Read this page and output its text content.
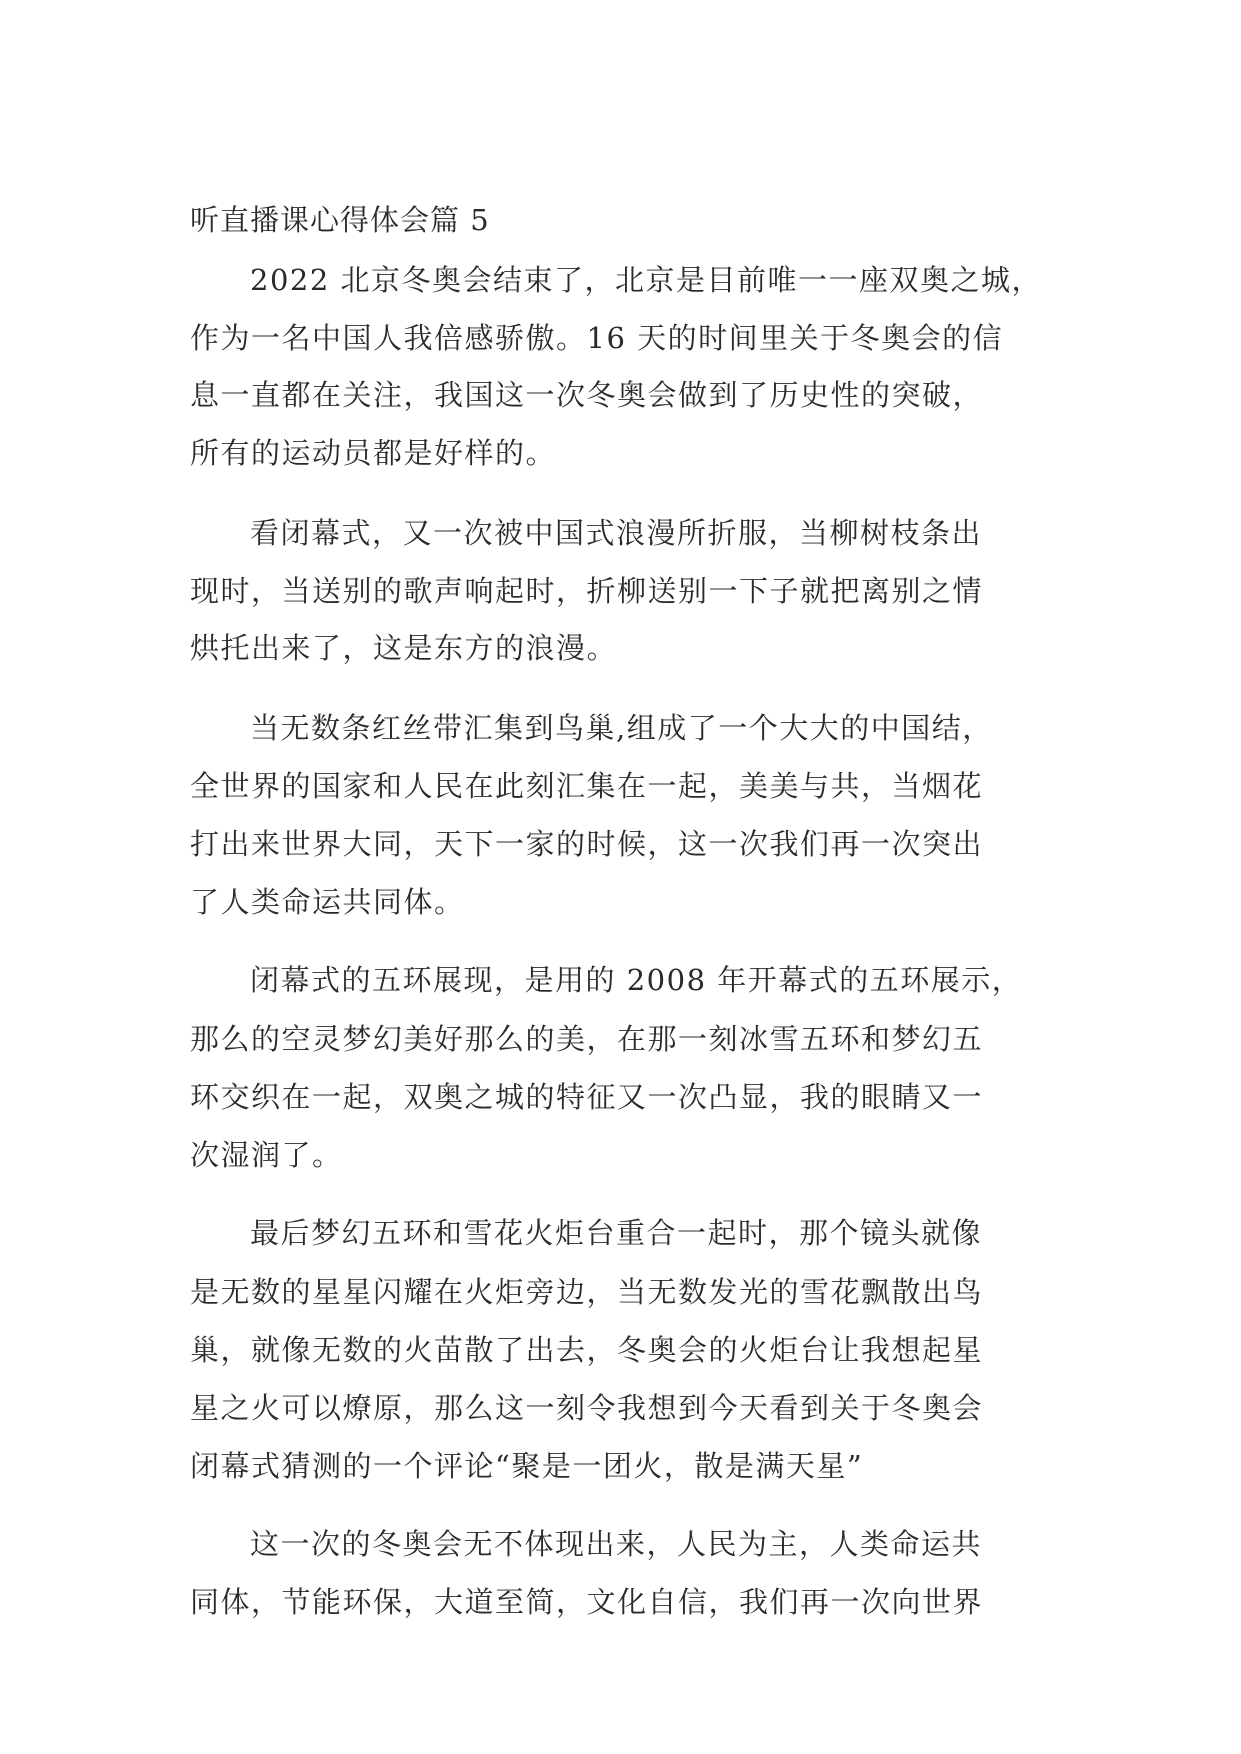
听直播课心得体会篇 5

2022 北京冬奥会结束了，北京是目前唯一一座双奥之城，

作为一名中国人我倍感骄傲。16 天的时间里关于冬奥会的信

息一直都在关注，我国这一次冬奥会做到了历史性的突破，

所有的运动员都是好样的。

看闭幕式，又一次被中国式浪漫所折服，当柳树枝条出

现时，当送别的歌声响起时，折柳送别一下子就把离别之情

烘托出来了，这是东方的浪漫。

当无数条红丝带汇集到鸟巢,组成了一个大大的中国结，

全世界的国家和人民在此刻汇集在一起，美美与共，当烟花

打出来世界大同，天下一家的时候，这一次我们再一次突出

了人类命运共同体。

闭幕式的五环展现，是用的 2008 年开幕式的五环展示，

那么的空灵梦幻美好那么的美，在那一刻冰雪五环和梦幻五

环交织在一起，双奥之城的特征又一次凸显，我的眼睛又一

次湿润了。

最后梦幻五环和雪花火炬台重合一起时，那个镜头就像

是无数的星星闪耀在火炬旁边，当无数发光的雪花飘散出鸟

巢，就像无数的火苗散了出去，冬奥会的火炬台让我想起星

星之火可以燎原，那么这一刻令我想到今天看到关于冬奥会

闭幕式猜测的一个评论“聚是一团火，散是满天星”

这一次的冬奥会无不体现出来，人民为主，人类命运共

同体，节能环保，大道至简，文化自信，我们再一次向世界
